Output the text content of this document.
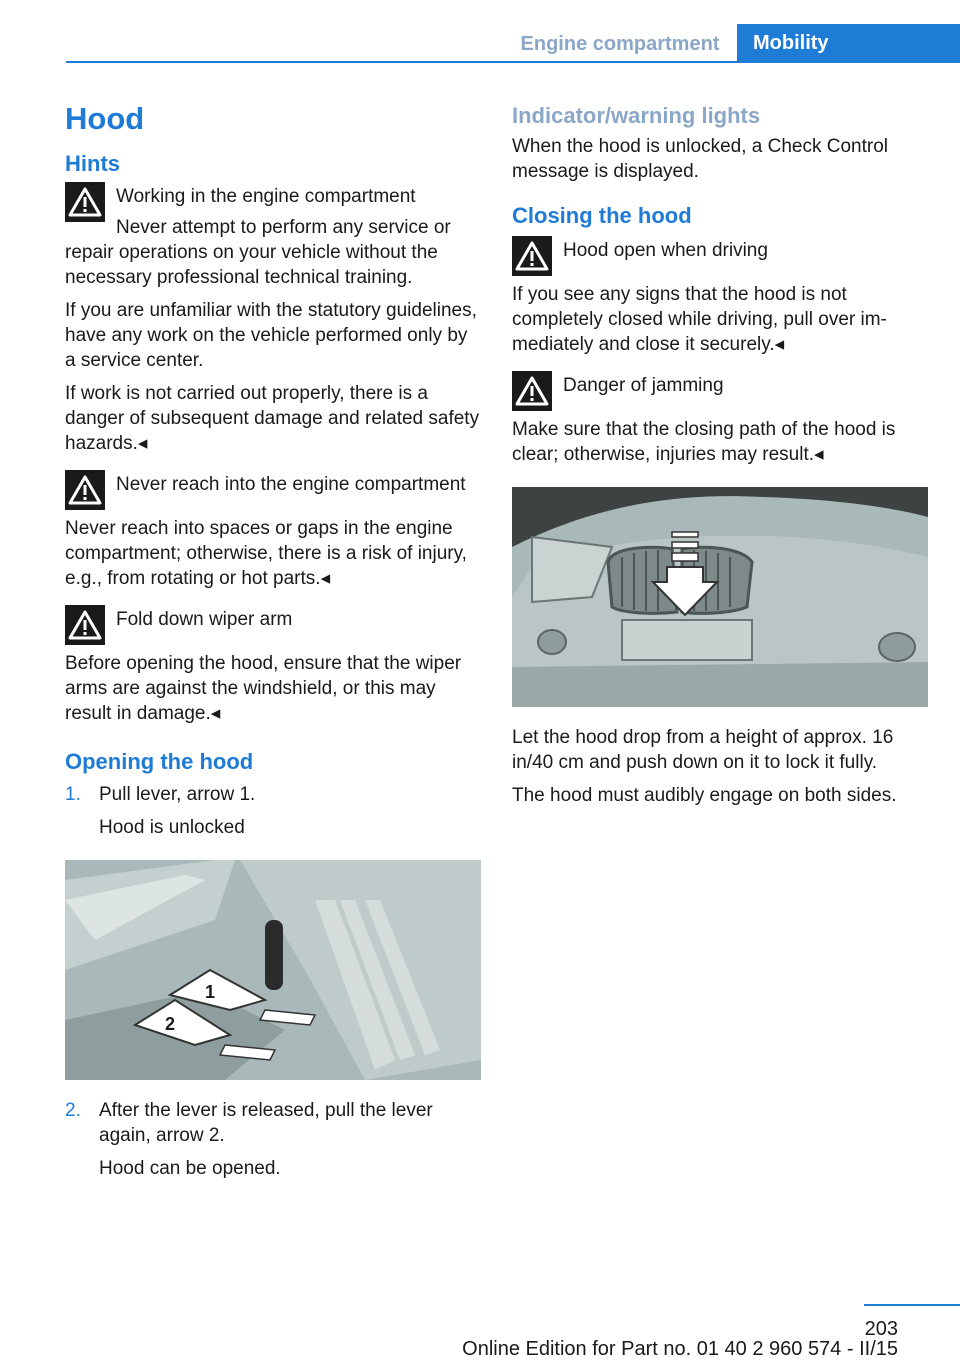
Engine compartment	Mobility
Hood
Hints
Working in the engine compartment
Never attempt to perform any service or repair operations on your vehicle without the necessary professional technical training.

If you are unfamiliar with the statutory guidelines, have any work on the vehicle performed only by a service center.

If work is not carried out properly, there is a danger of subsequent damage and related safety hazards.◂

Never reach into the engine compartment

Never reach into spaces or gaps in the engine compartment; otherwise, there is a risk of injury, e.g., from rotating or hot parts.◂

Fold down wiper arm

Before opening the hood, ensure that the wiper arms are against the windshield, or this may result in damage.◂

Opening the hood
1. Pull lever, arrow 1.
Hood is unlocked
1
2
2. After the lever is released, pull the lever again, arrow 2.
Hood can be opened.
Indicator/warning lights

When the hood is unlocked, a Check Control message is displayed.

Closing the hood
Hood open when driving

If you see any signs that the hood is not completely closed while driving, pull over immediately and close it securely.◂

Danger of jamming

Make sure that the closing path of the hood is clear; otherwise, injuries may result.◂

Let the hood drop from a height of approx. 16 in/40 cm and push down on it to lock it fully.

The hood must audibly engage on both sides.

203
Online Edition for Part no. 01 40 2 960 574 - II/15
